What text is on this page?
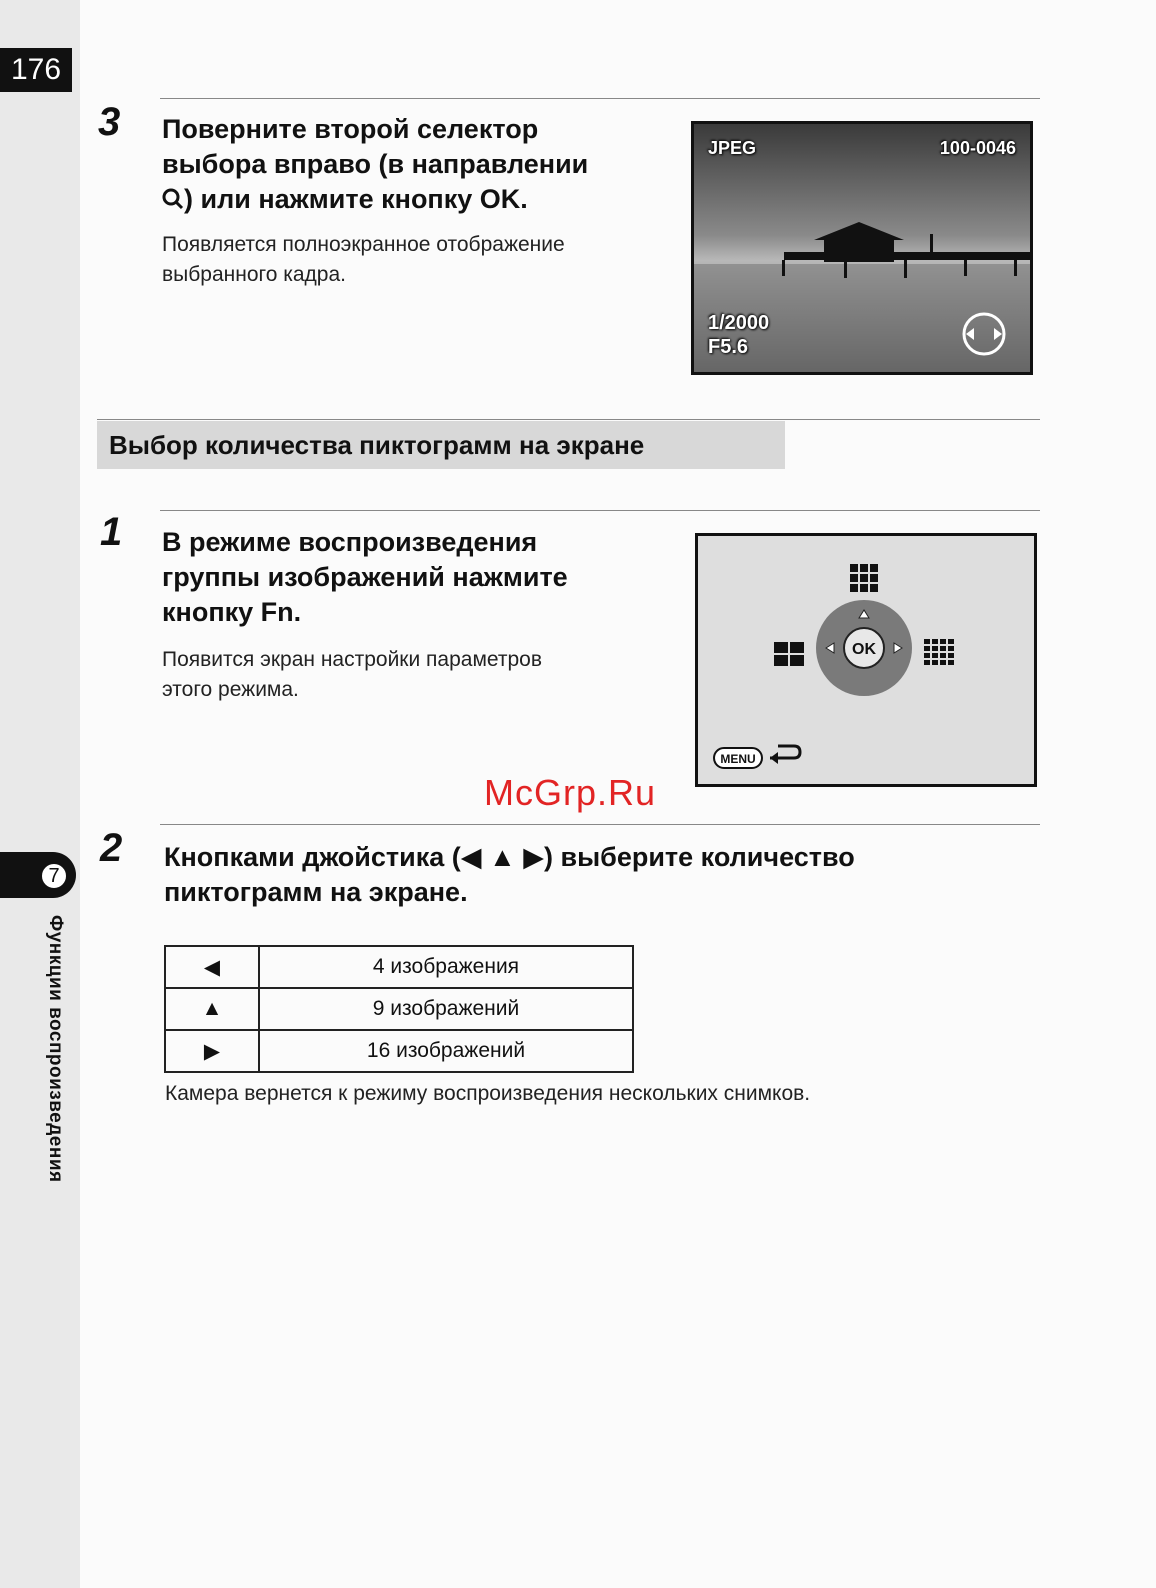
176
7
Функции воспроизведения
3 Поверните второй селектор
выбора вправо (в направлении
) или нажмите кнопку OK.
Появляется полноэкранное отображение
выбранного кадра.
JPEG	100-0046
1/2000
F5.6
Выбор количества пиктограмм на экране
1 В режиме воспроизведения
группы изображений нажмите
кнопку Fn.
Появится экран настройки параметров
этого режима.
OK
MENU
McGrp.Ru
2 Кнопками джойстика (◀ ▲ ▶) выберите количество
пиктограмм на экране.
◀	4 изображения
▲	9 изображений
▶	16 изображений
Камера вернется к режиму воспроизведения нескольких снимков.
